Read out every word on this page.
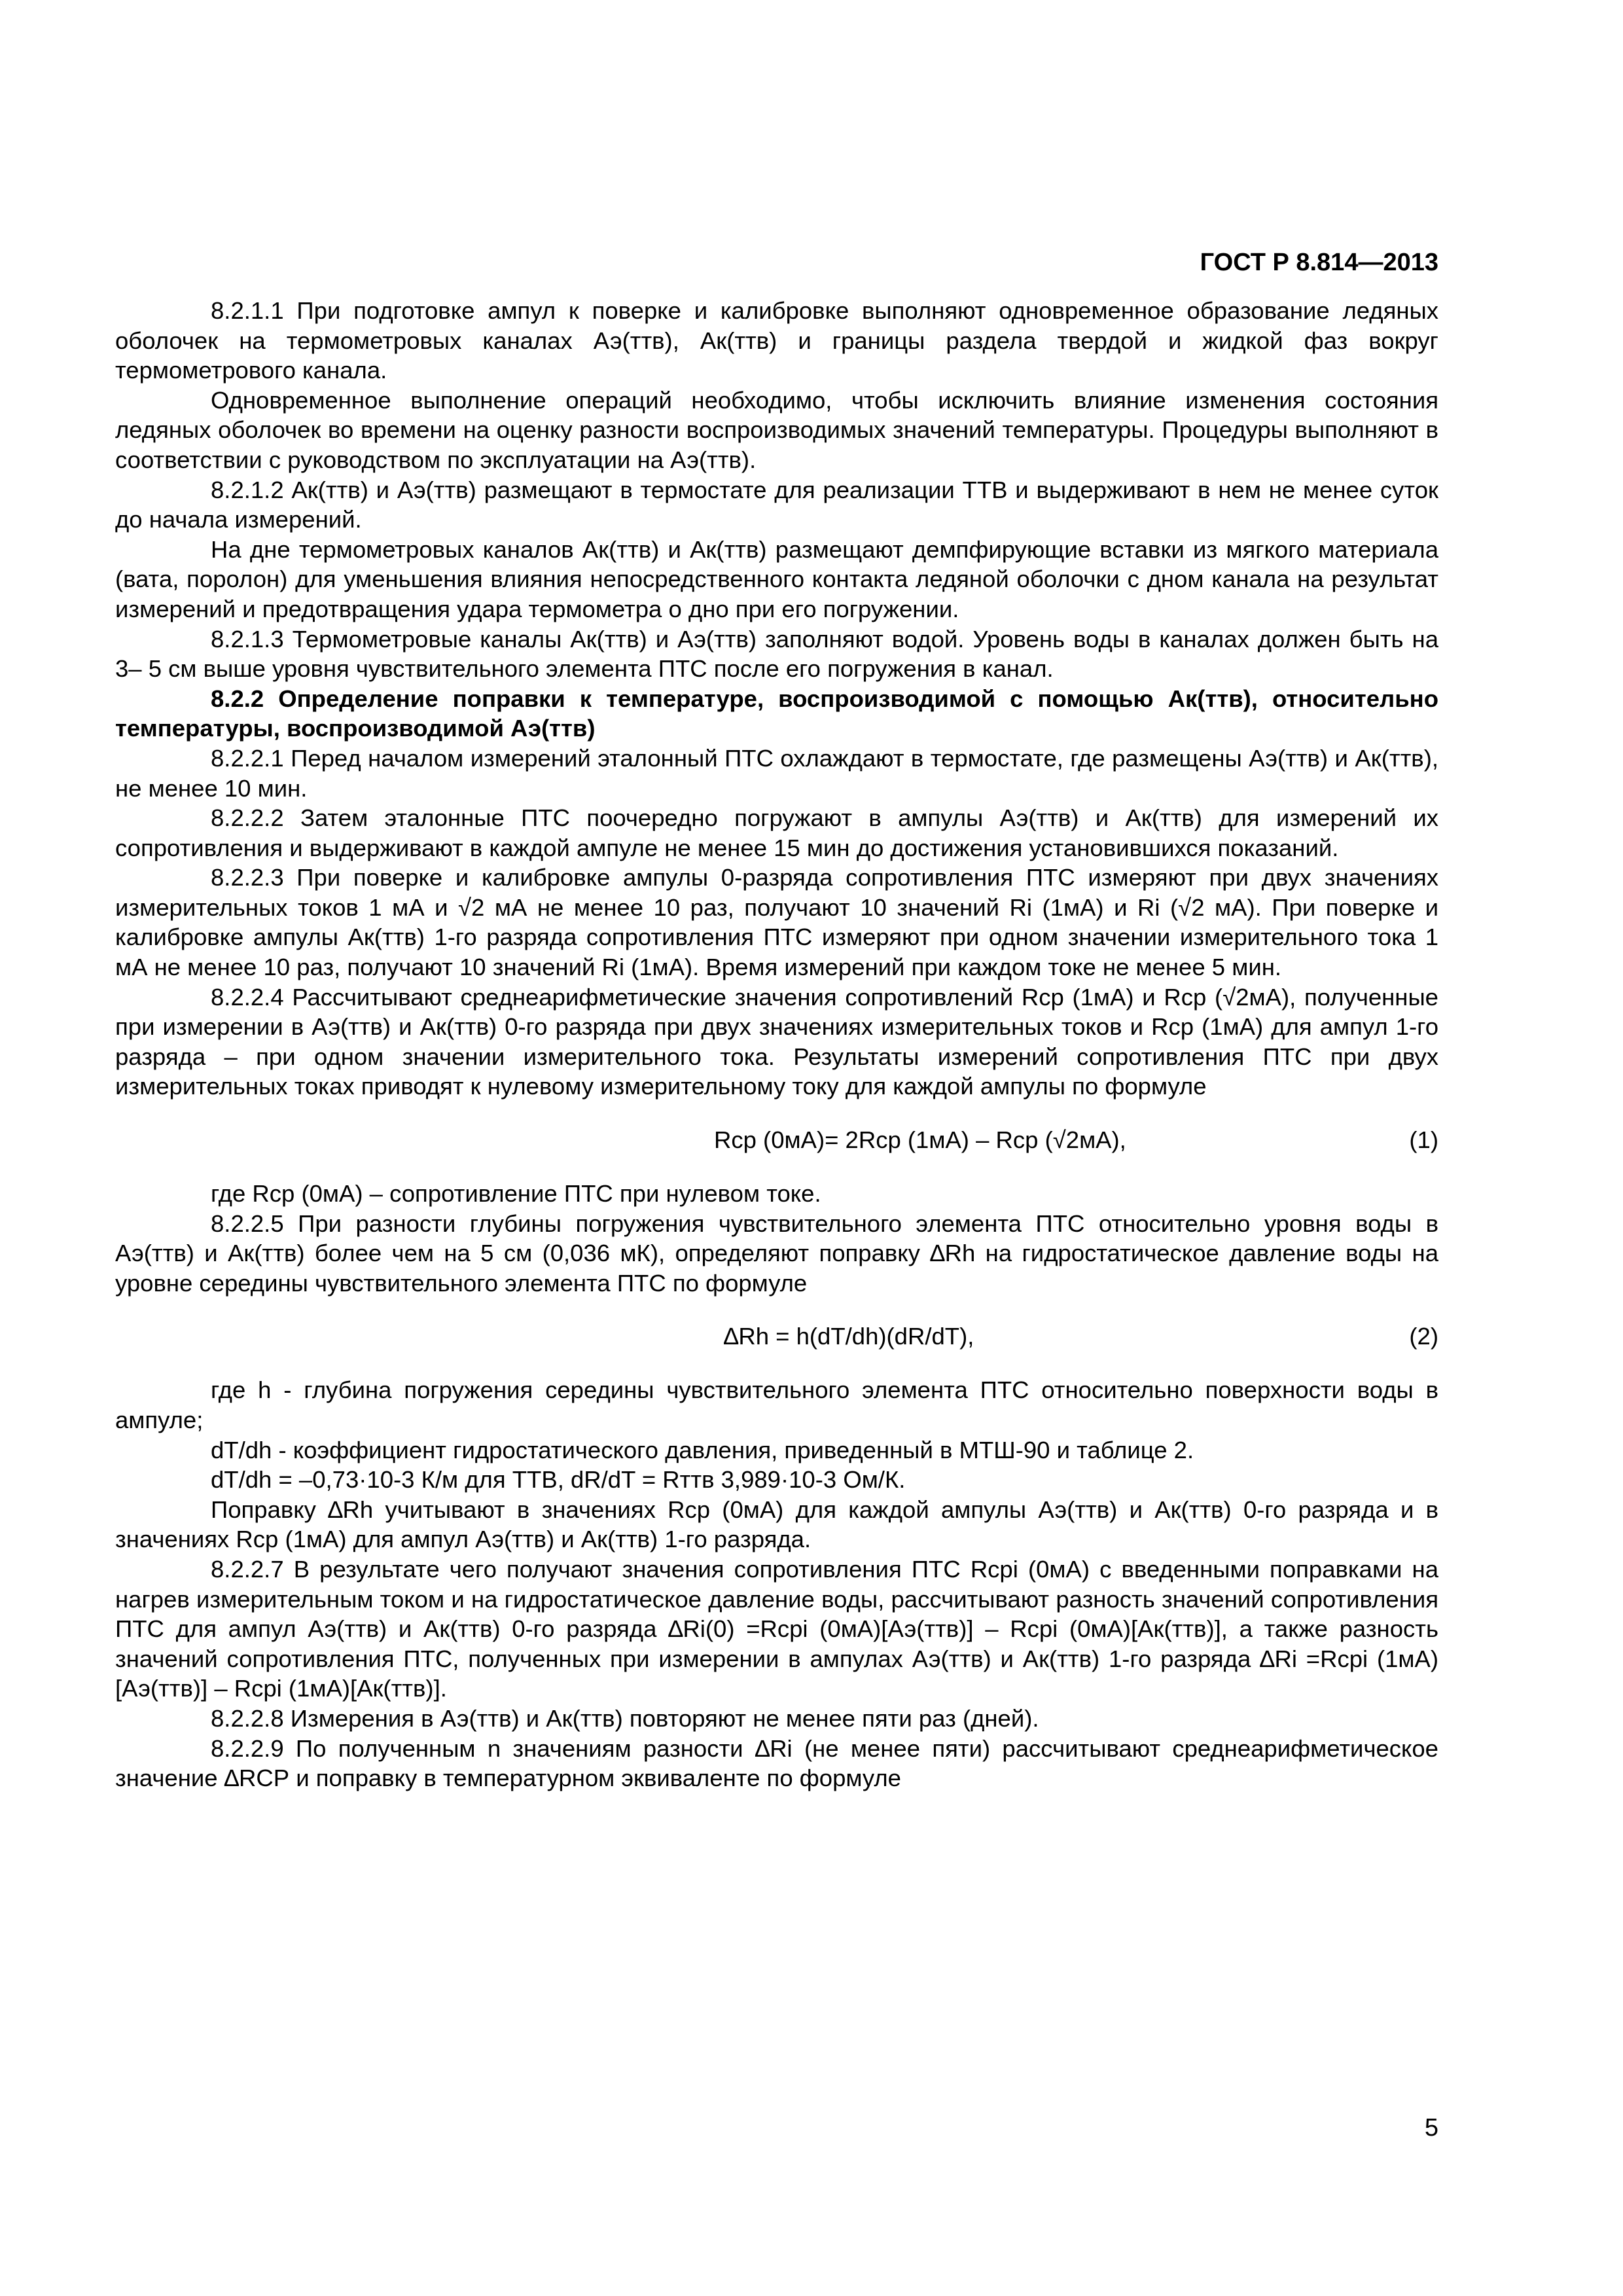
ГОСТ Р 8.814—2013

8.2.1.1 При подготовке ампул к поверке и калибровке выполняют одновременное образование ледяных оболочек на термометровых каналах Аэ(ттв), Ак(ттв) и границы раздела твердой и жидкой фаз вокруг термометрового канала.

Одновременное выполнение операций необходимо, чтобы исключить влияние изменения состояния ледяных оболочек во времени на оценку разности воспроизводимых значений температуры. Процедуры выполняют в соответствии с руководством по эксплуатации на Аэ(ттв).

8.2.1.2 Ак(ттв) и Аэ(ттв) размещают в термостате для реализации ТТВ и выдерживают в нем не менее суток до начала измерений.

На дне термометровых каналов Ак(ттв) и Ак(ттв) размещают демпфирующие вставки из мягкого материала (вата, поролон) для уменьшения влияния непосредственного контакта ледяной оболочки с дном канала на результат измерений и предотвращения удара термометра о дно при его погружении.

8.2.1.3 Термометровые каналы Ак(ттв) и Аэ(ттв) заполняют водой. Уровень воды в каналах должен быть на 3– 5 см выше уровня чувствительного элемента ПТС после его погружения в канал.

8.2.2 Определение поправки к температуре, воспроизводимой с помощью Ак(ттв), относительно температуры, воспроизводимой Аэ(ттв)

8.2.2.1 Перед началом измерений эталонный ПТС охлаждают в термостате, где размещены Аэ(ттв) и Ак(ттв), не менее 10 мин.

8.2.2.2 Затем эталонные ПТС поочередно погружают в ампулы Аэ(ттв) и Ак(ттв) для измерений их сопротивления и выдерживают в каждой ампуле не менее 15 мин до достижения установившихся показаний.

8.2.2.3 При поверке и калибровке ампулы 0-разряда сопротивления ПТС измеряют при двух значениях измерительных токов 1 мА и √2 мА не менее 10 раз, получают 10 значений Ri (1мА) и Ri (√2 мА). При поверке и калибровке ампулы Ак(ттв) 1-го разряда сопротивления ПТС измеряют при одном значении измерительного тока 1 мА не менее 10 раз, получают 10 значений Ri (1мА). Время измерений при каждом токе не менее 5 мин.

8.2.2.4 Рассчитывают среднеарифметические значения сопротивлений Rср (1мА) и Rср (√2мА), полученные при измерении в Аэ(ттв) и Ак(ттв) 0-го разряда при двух значениях измерительных токов и Rср (1мА) для ампул 1-го разряда – при одном значении измерительного тока. Результаты измерений сопротивления ПТС при двух измерительных токах приводят к нулевому измерительному току для каждой ампулы по формуле

Rср (0мА)= 2Rср (1мА) – Rср (√2мА),	(1)

где Rср (0мА) – сопротивление ПТС при нулевом токе.

8.2.2.5 При разности глубины погружения чувствительного элемента ПТС относительно уровня воды в Аэ(ттв) и Ак(ттв) более чем на 5 см (0,036 мК), определяют поправку ∆Rh на гидростатическое давление воды на уровне середины чувствительного элемента ПТС по формуле

∆Rh = h(dT/dh)(dR/dT),	(2)

где h - глубина погружения середины чувствительного элемента ПТС относительно поверхности воды в ампуле;

dT/dh - коэффициент гидростатического давления, приведенный в МТШ-90 и таблице 2.

dT/dh = –0,73·10-3 К/м для ТТВ, dR/dT = Rттв 3,989·10-3 Ом/К.

Поправку ∆Rh учитывают в значениях Rср (0мА) для каждой ампулы Аэ(ттв) и Ак(ттв) 0-го разряда и в значениях Rср (1мА) для ампул Аэ(ттв) и Ак(ттв) 1-го разряда.

8.2.2.7 В результате чего получают значения сопротивления ПТС Rсрi (0мА) с введенными поправками на нагрев измерительным током и на гидростатическое давление воды, рассчитывают разность значений сопротивления ПТС для ампул Аэ(ттв) и Ак(ттв) 0-го разряда ∆Ri(0) =Rсрi (0мА)[Аэ(ттв)] – Rсрi (0мА)[Ак(ттв)], а также разность значений сопротивления ПТС, полученных при измерении в ампулах Аэ(ттв) и Ак(ттв) 1-го разряда ∆Ri =Rсрi (1мА)[Аэ(ттв)] – Rсрi (1мА)[Ак(ттв)].

8.2.2.8 Измерения в Аэ(ттв) и Ак(ттв) повторяют не менее пяти раз (дней).

8.2.2.9 По полученным n значениям разности ∆Ri (не менее пяти) рассчитывают среднеарифметическое значение ∆RСР и поправку в температурном эквиваленте по формуле

5
